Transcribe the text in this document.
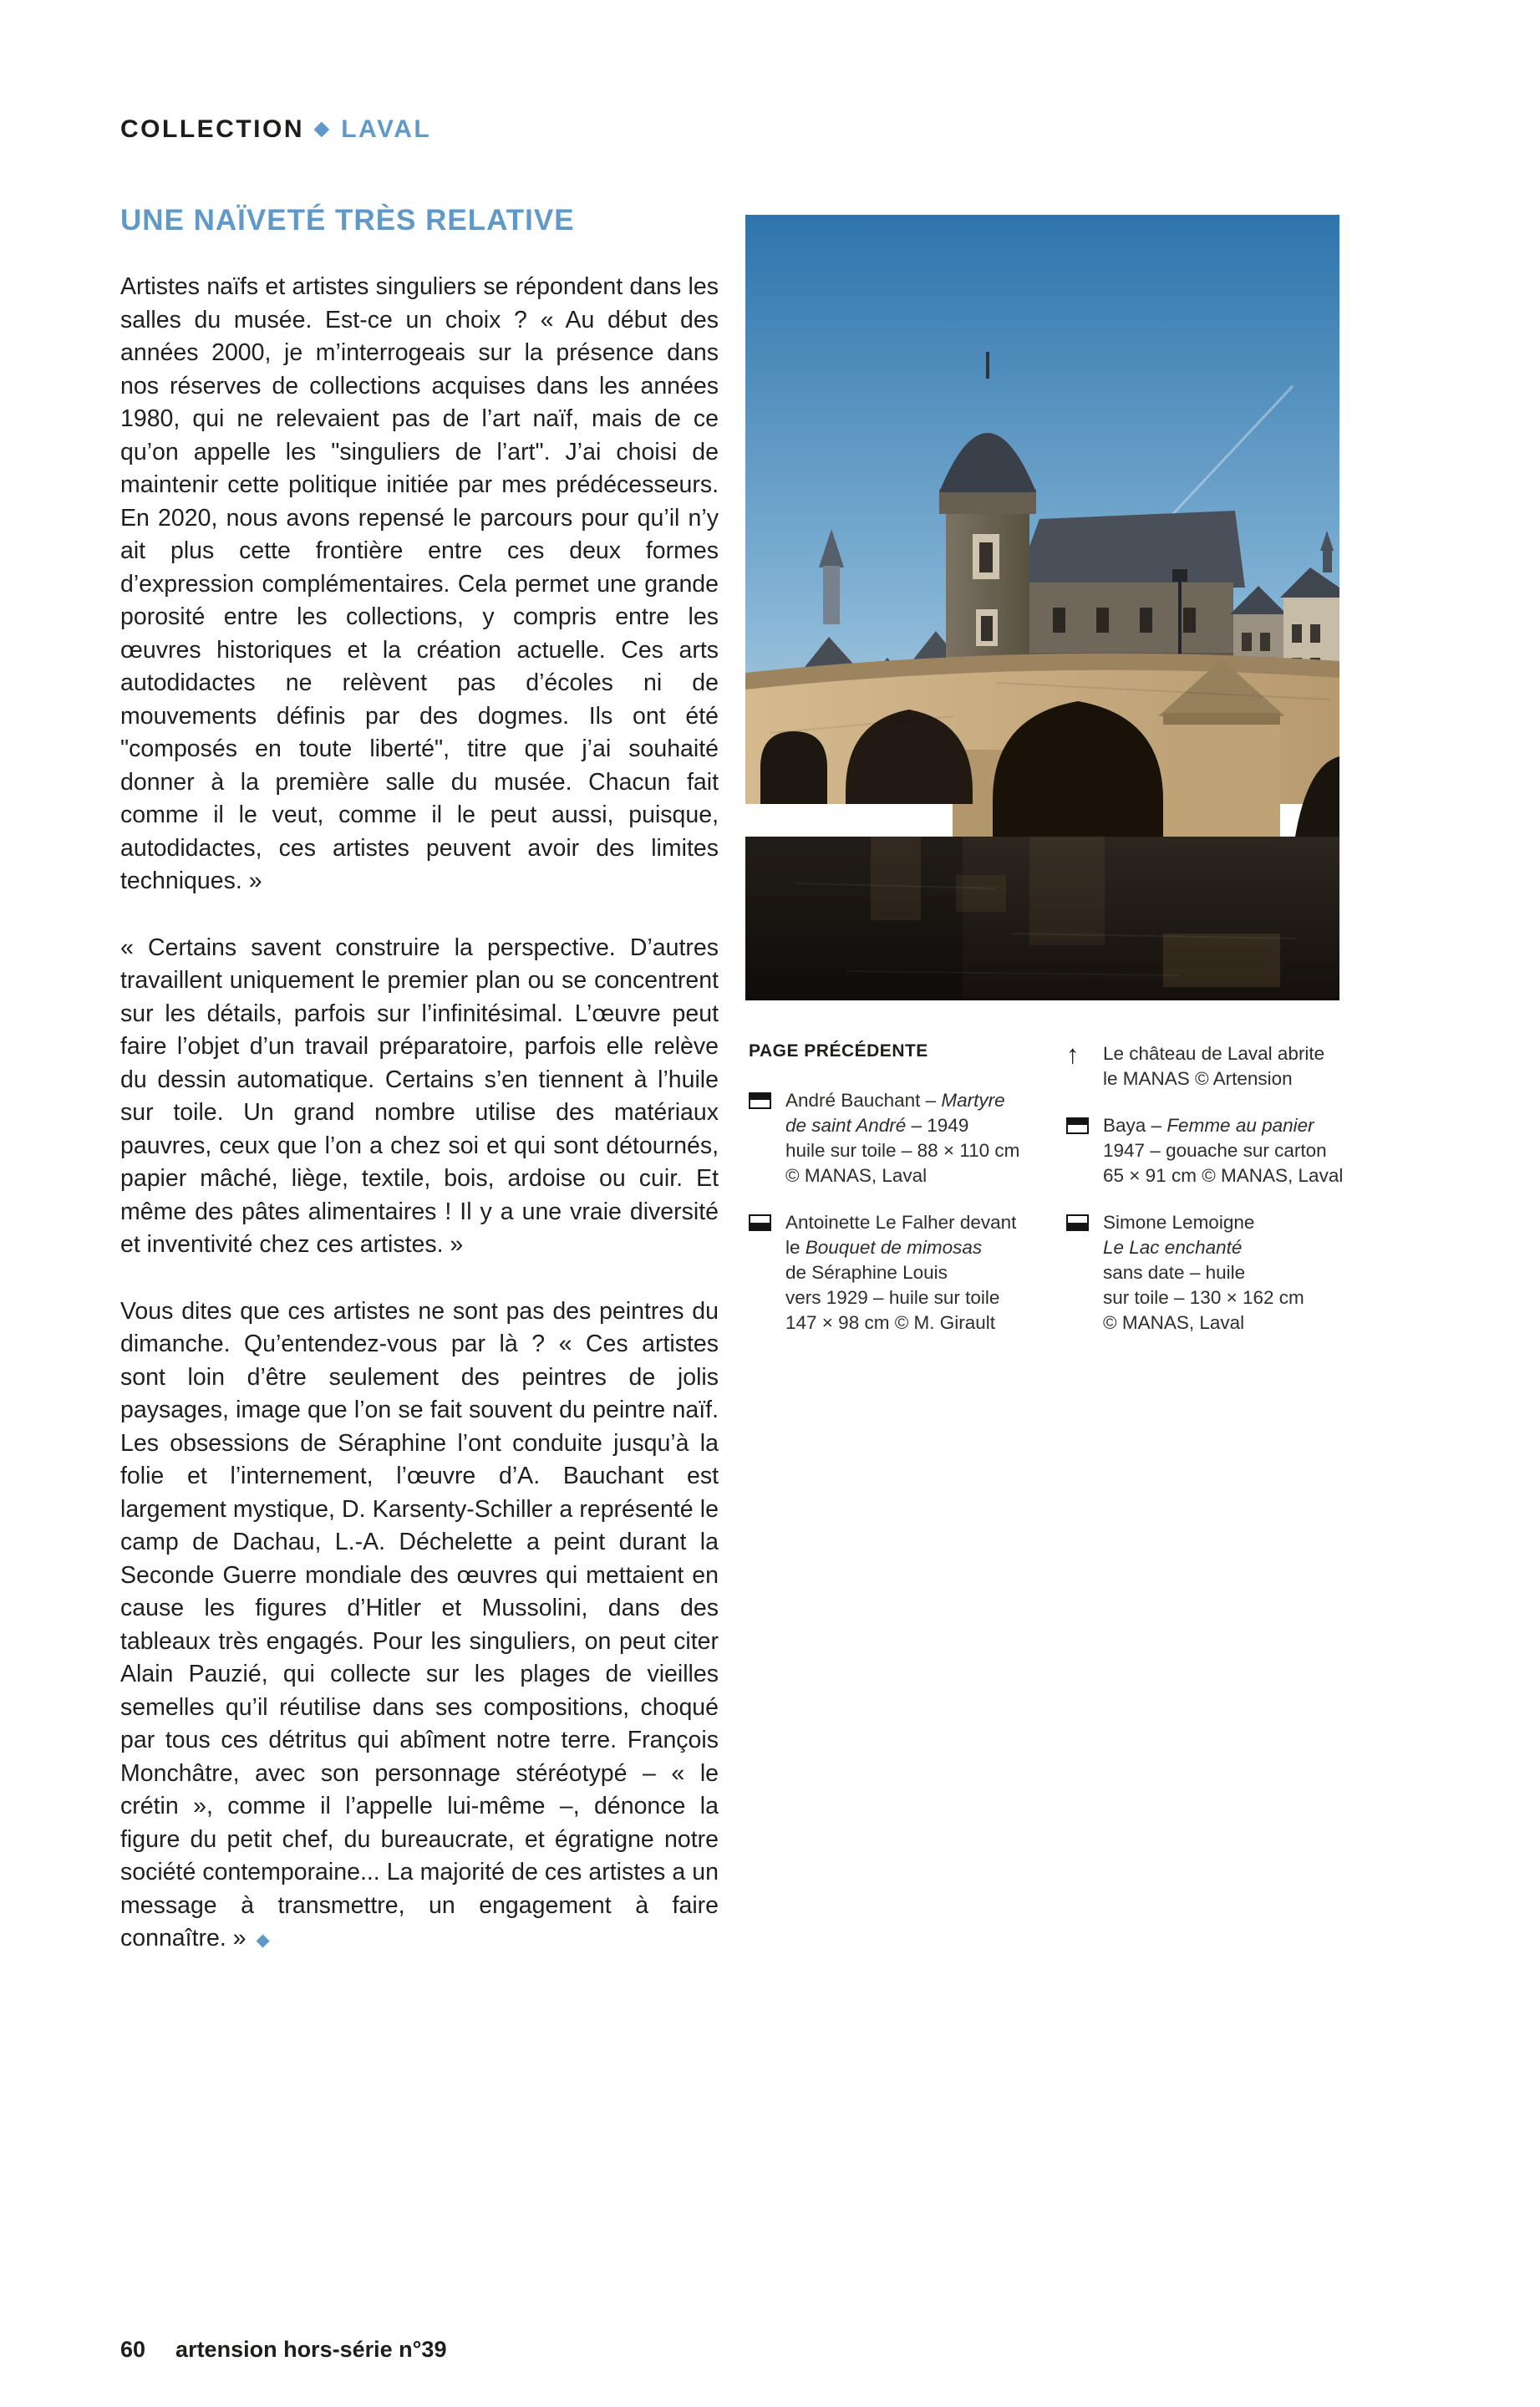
COLLECTION ◆ LAVAL
UNE NAÏVETÉ TRÈS RELATIVE

Artistes naïfs et artistes singuliers se répondent dans les salles du musée. Est-ce un choix ? « Au début des années 2000, je m’interrogeais sur la présence dans nos réserves de collections acquises dans les années 1980, qui ne relevaient pas de l’art naïf, mais de ce qu’on appelle les "singuliers de l’art". J’ai choisi de maintenir cette politique initiée par mes prédécesseurs. En 2020, nous avons repensé le parcours pour qu’il n’y ait plus cette frontière entre ces deux formes d’expression complémentaires. Cela permet une grande porosité entre les collections, y compris entre les œuvres historiques et la création actuelle. Ces arts autodidactes ne relèvent pas d’écoles ni de mouvements définis par des dogmes. Ils ont été "composés en toute liberté", titre que j’ai souhaité donner à la première salle du musée. Chacun fait comme il le veut, comme il le peut aussi, puisque, autodidactes, ces artistes peuvent avoir des limites techniques. »

« Certains savent construire la perspective. D’autres travaillent uniquement le premier plan ou se concentrent sur les détails, parfois sur l’infinitésimal. L’œuvre peut faire l’objet d’un travail préparatoire, parfois elle relève du dessin automatique. Certains s’en tiennent à l’huile sur toile. Un grand nombre utilise des matériaux pauvres, ceux que l’on a chez soi et qui sont détournés, papier mâché, liège, textile, bois, ardoise ou cuir. Et même des pâtes alimentaires ! Il y a une vraie diversité et inventivité chez ces artistes. »

Vous dites que ces artistes ne sont pas des peintres du dimanche. Qu’entendez-vous par là ? « Ces artistes sont loin d’être seulement des peintres de jolis paysages, image que l’on se fait souvent du peintre naïf. Les obsessions de Séraphine l’ont conduite jusqu’à la folie et l’internement, l’œuvre d’A. Bauchant est largement mystique, D. Karsenty-Schiller a représenté le camp de Dachau, L.-A. Déchelette a peint durant la Seconde Guerre mondiale des œuvres qui mettaient en cause les figures d’Hitler et Mussolini, dans des tableaux très engagés. Pour les singuliers, on peut citer Alain Pauzié, qui collecte sur les plages de vieilles semelles qu’il réutilise dans ses compositions, choqué par tous ces détritus qui abîment notre terre. François Monchâtre, avec son personnage stéréotypé – « le crétin », comme il l’appelle lui-même –, dénonce la figure du petit chef, du bureaucrate, et égratigne notre société contemporaine... La majorité de ces artistes a un message à transmettre, un engagement à faire connaître. » ◆

PAGE PRÉCÉDENTE
André Bauchant – Martyre
de saint André – 1949
huile sur toile – 88 × 110 cm
© MANAS, Laval
Antoinette Le Falher devant
le Bouquet de mimosas
de Séraphine Louis
vers 1929 – huile sur toile
147 × 98 cm © M. Girault
↑	Le château de Laval abrite
le MANAS © Artension
Baya – Femme au panier
1947 – gouache sur carton
65 × 91 cm © MANAS, Laval
Simone Lemoigne
Le Lac enchanté
sans date – huile
sur toile – 130 × 162 cm
© MANAS, Laval
60 artension hors-série n°39
